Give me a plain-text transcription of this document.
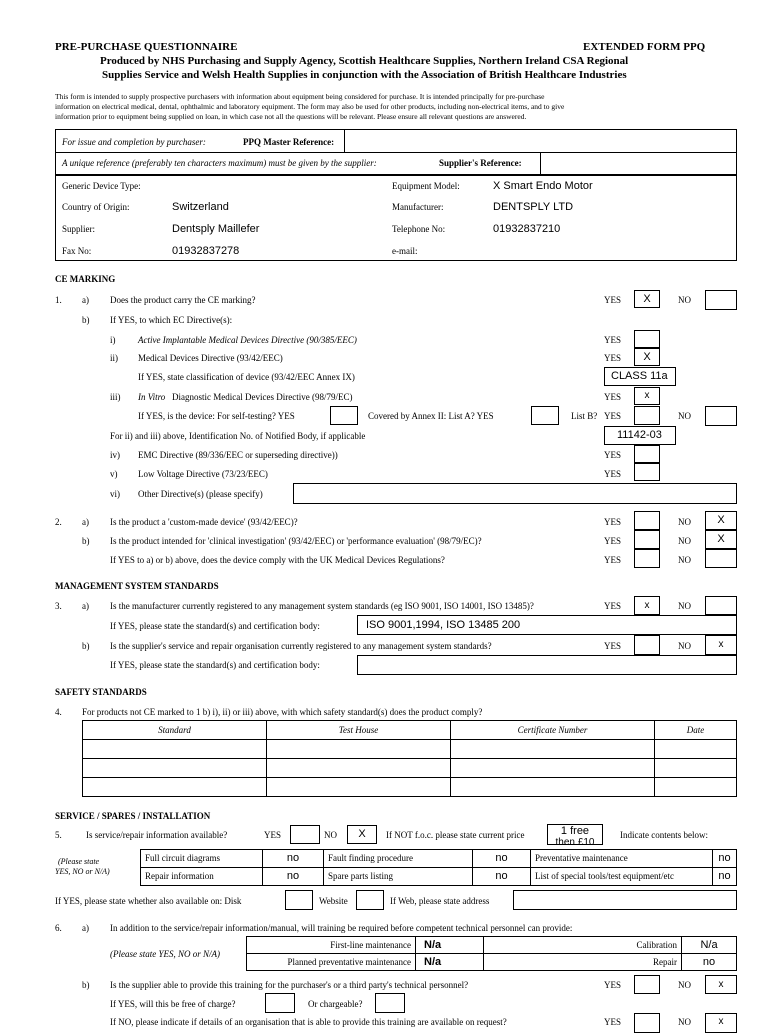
PRE-PURCHASE QUESTIONNAIRE	EXTENDED FORM PPQ
Produced by NHS Purchasing and Supply Agency, Scottish Healthcare Supplies, Northern Ireland CSA Regional
Supplies Service and Welsh Health Supplies in conjunction with the Association of British Healthcare Industries
This form is intended to supply prospective purchasers with information about equipment being considered for purchase. It is intended principally for pre-purchase
information on electrical medical, dental, ophthalmic and laboratory equipment. The form may also be used for other products, including non-electrical items, and to give
information prior to equipment being supplied on loan, in which case not all the questions will be relevant. Please ensure all relevant questions are answered.
For issue and completion by purchaser:	PPQ Master Reference:
A unique reference (preferably ten characters maximum) must be given by the supplier:	Supplier's Reference:
Generic Device Type:	Equipment Model:	X Smart Endo Motor
Country of Origin:	Switzerland	Manufacturer:	DENTSPLY LTD
Supplier:	Dentsply Maillefer	Telephone No:	01932837210
Fax No:	01932837278	e-mail:
CE MARKING
1. a) Does the product carry the CE marking?	YES	X	NO
b) If YES, to which EC Directive(s):
i)	Active Implantable Medical Devices Directive (90/385/EEC)	YES
ii) Medical Devices Directive (93/42/EEC)	YES	X
If YES, state classification of device (93/42/EEC Annex IX)	CLASS 11a
iii) In Vitro Diagnostic Medical Devices Directive (98/79/EC)	YES	x
If YES, is the device: For self-testing? YES	Covered by Annex II: List A? YES	List B? YES	NO
For ii) and iii) above, Identification No. of Notified Body, if applicable	11142-03
iv) EMC Directive (89/336/EEC or superseding directive))	YES
v) Low Voltage Directive (73/23/EEC)	YES
vi) Other Directive(s) (please specify)
2. a) Is the product a 'custom-made device' (93/42/EEC)?	YES	NO	X
b) Is the product intended for 'clinical investigation' (93/42/EEC) or 'performance evaluation' (98/79/EC)?	YES	NO	X
If YES to a) or b) above, does the device comply with the UK Medical Devices Regulations?	YES	NO
MANAGEMENT SYSTEM STANDARDS
3. a) Is the manufacturer currently registered to any management system standards (eg ISO 9001, ISO 14001, ISO 13485)?	YES	x	NO
If YES, please state the standard(s) and certification body:	ISO 9001,1994, ISO 13485 200
b) Is the supplier's service and repair organisation currently registered to any management system standards?	YES	NO	x
If YES, please state the standard(s) and certification body:
SAFETY STANDARDS
4. For products not CE marked to 1 b) i), ii) or iii) above, with which safety standard(s) does the product comply?
Standard	Test House	Certificate Number	Date

SERVICE / SPARES / INSTALLATION
5.	Is service/repair information available?	YES	NO	X	If NOT f.o.c. please state current price	1 free
then £10
Indicate contents below:
(Please state
YES, NO or N/A)
Full circuit diagrams	no	Fault finding procedure	no	Preventative maintenance	no
Repair information	no	Spare parts listing	no	List of special tools/test equipment/etc	no
If YES, please state whether also available on: Disk	Website	If Web, please state address
6. a) In addition to the service/repair information/manual, will training be required before competent technical personnel can provide:
(Please state YES, NO or N/A)
First-line maintenance	N/a	Calibration	N/a
Planned preventative maintenance	N/a	Repair	no
b) Is the supplier able to provide this training for the purchaser's or a third party's technical personnel?	YES	NO	x
If YES, will this be free of charge?	Or chargeable?
If NO, please indicate if details of an organisation that is able to provide this training are available on request?	YES	NO	x
